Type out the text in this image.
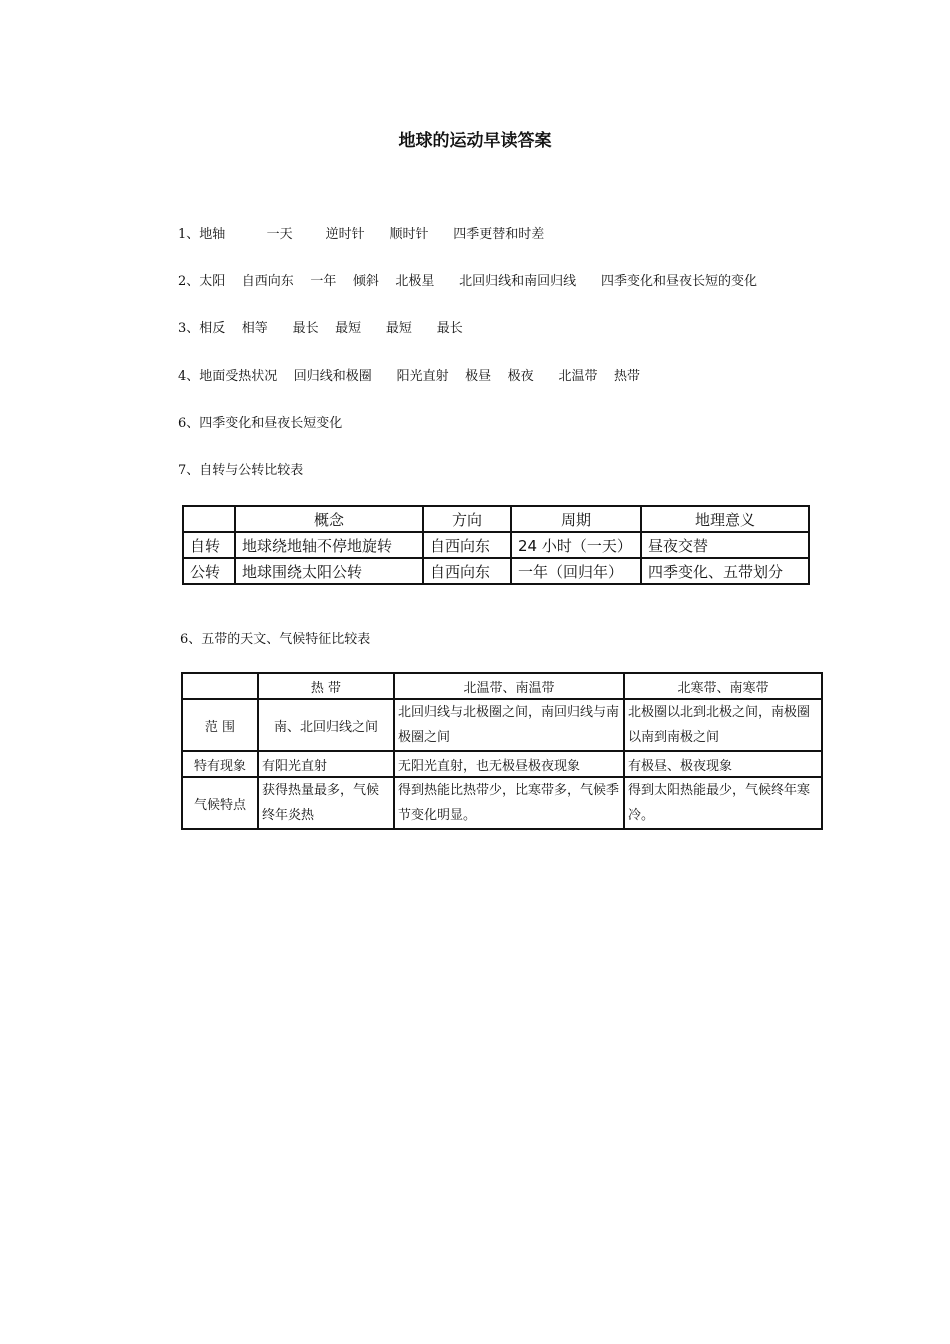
地球的运动早读答案
1、地轴          一天        逆时针      顺时针      四季更替和时差
2、太阳    自西向东    一年    倾斜    北极星      北回归线和南回归线      四季变化和昼夜长短的变化
3、相反    相等      最长    最短      最短      最长
4、地面受热状况    回归线和极圈      阳光直射    极昼    极夜      北温带    热带
6、四季变化和昼夜长短变化
7、自转与公转比较表
	概念	方向	周期	地理意义
自转	地球绕地轴不停地旋转	自西向东	24 小时（一天）	昼夜交替
公转	地球围绕太阳公转	自西向东	一年（回归年）	四季变化、五带划分
6、五带的天文、气候特征比较表
	热 带	北温带、南温带	北寒带、南寒带
范 围	南、北回归线之间	北回归线与北极圈之间，南回归线与南极圈之间	北极圈以北到北极之间，南极圈以南到南极之间
特有现象	有阳光直射	无阳光直射，也无极昼极夜现象	有极昼、极夜现象
气候特点	获得热量最多，气候终年炎热	得到热能比热带少，比寒带多，气候季节变化明显。	得到太阳热能最少，气候终年寒冷。
